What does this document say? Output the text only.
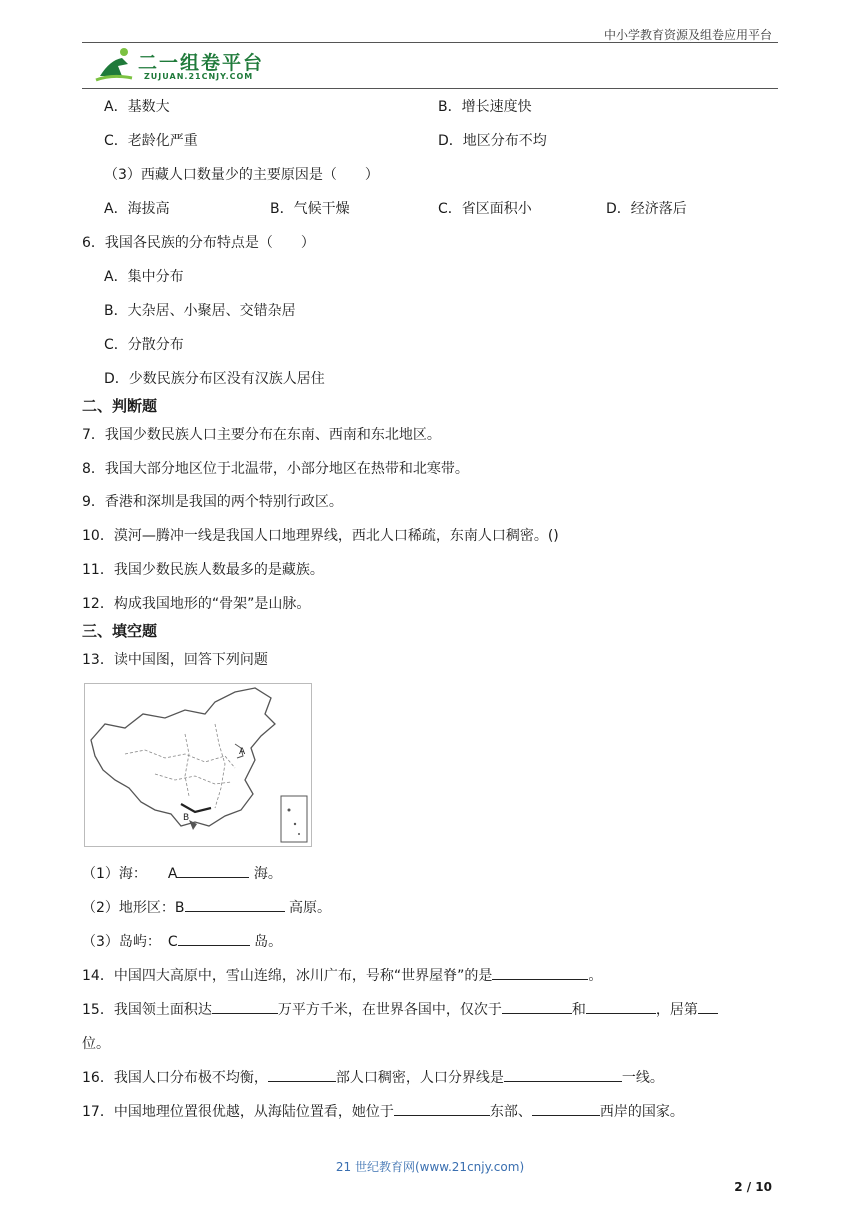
中小学教育资源及组卷应用平台
二一组卷平台
ZUJUAN.21CNJY.COM
A．基数大	B．增长速度快
C．老龄化严重	D．地区分布不均
（3）西藏人口数量少的主要原因是（　　）
A．海拔高	B．气候干燥	C．省区面积小	D．经济落后
6．我国各民族的分布特点是（　　）
A．集中分布
B．大杂居、小聚居、交错杂居
C．分散分布
D．少数民族分布区没有汉族人居住
二、判断题
7．我国少数民族人口主要分布在东南、西南和东北地区。
8．我国大部分地区位于北温带，小部分地区在热带和北寒带。
9．香港和深圳是我国的两个特别行政区。
10．漠河—腾冲一线是我国人口地理界线，西北人口稀疏，东南人口稠密。()
11．我国少数民族人数最多的是藏族。
12．构成我国地形的“骨架”是山脉。
三、填空题
13．读中国图，回答下列问题
A
B
（1）海：　　A	海。
（2）地形区：B	高原。
（3）岛屿：　C	岛。
14．中国四大高原中，雪山连绵，冰川广布，号称“世界屋脊”的是	。
15．我国领土面积达	万平方千米，在世界各国中，仅次于	和	，居第
位。
16．我国人口分布极不均衡，	部人口稠密，人口分界线是	一线。
17．中国地理位置很优越，从海陆位置看，她位于	东部、	西岸的国家。
21 世纪教育网(www.21cnjy.com)
2 / 10
